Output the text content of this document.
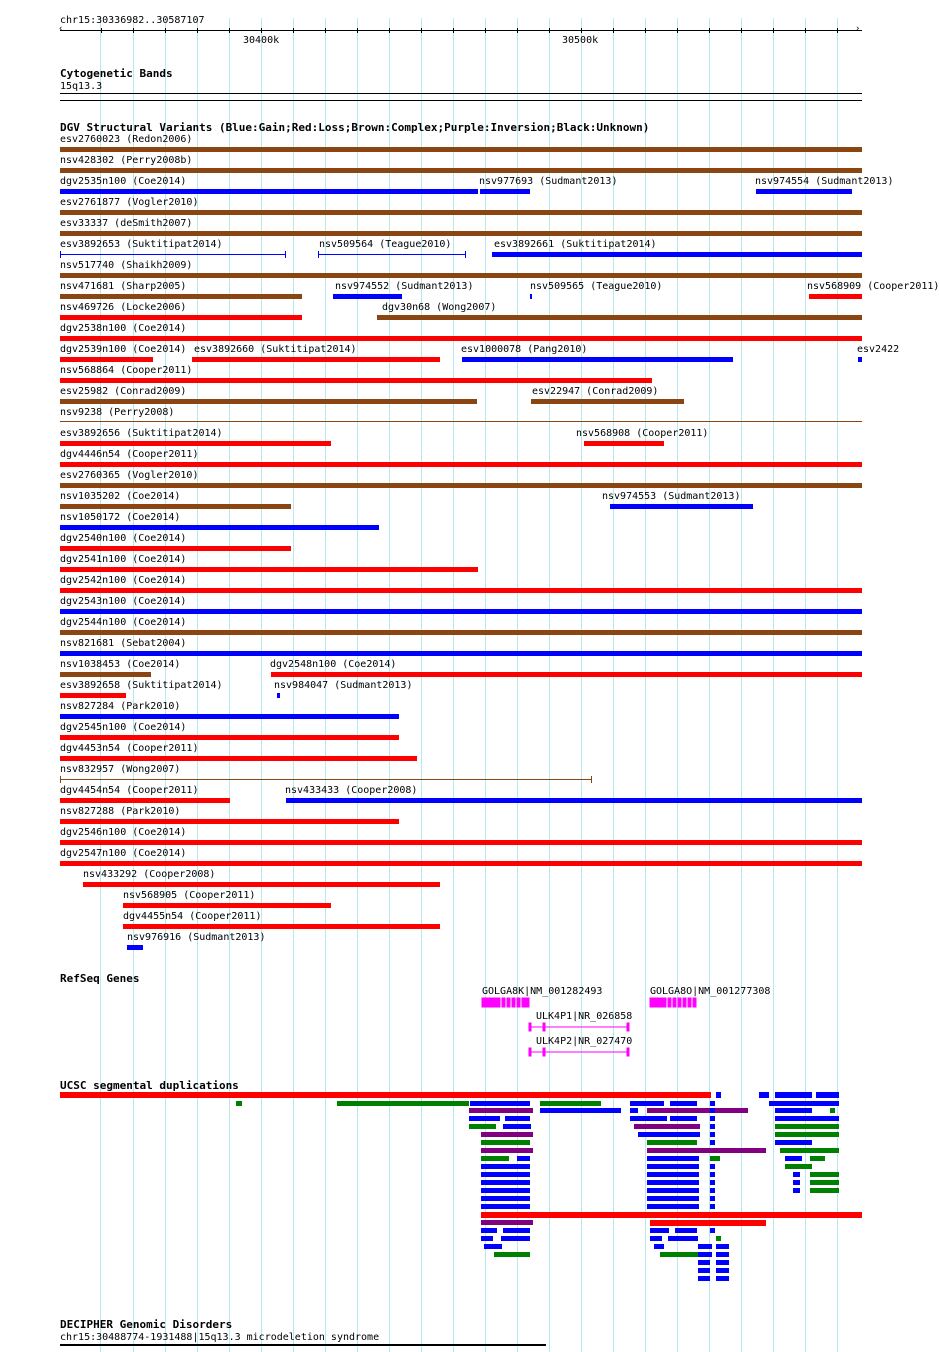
chr15:30336982..30587107
‹	›
30400k	30500k
Cytogenetic Bands
15q13.3
DGV Structural Variants (Blue:Gain;Red:Loss;Brown:Complex;Purple:Inversion;Black:Unknown)
esv2760023 (Redon2006)
nsv428302 (Perry2008b)
dgv2535n100 (Coe2014)	nsv977693 (Sudmant2013)	nsv974554 (Sudmant2013)
esv2761877 (Vogler2010)
esv33337 (deSmith2007)
esv3892653 (Suktitipat2014)	nsv509564 (Teague2010)	esv3892661 (Suktitipat2014)
nsv517740 (Shaikh2009)
nsv471681 (Sharp2005)	nsv974552 (Sudmant2013)	nsv509565 (Teague2010)	nsv568909 (Cooper2011)
nsv469726 (Locke2006)	dgv30n68 (Wong2007)
dgv2538n100 (Coe2014)
dgv2539n100 (Coe2014) esv3892660 (Suktitipat2014)	esv1000078 (Pang2010)	esv2422
nsv568864 (Cooper2011)
esv25982 (Conrad2009)	esv22947 (Conrad2009)
nsv9238 (Perry2008)
esv3892656 (Suktitipat2014)	nsv568908 (Cooper2011)
dgv4446n54 (Cooper2011)
esv2760365 (Vogler2010)
nsv1035202 (Coe2014)	nsv974553 (Sudmant2013)
nsv1050172 (Coe2014)
dgv2540n100 (Coe2014)
dgv2541n100 (Coe2014)
dgv2542n100 (Coe2014)
dgv2543n100 (Coe2014)
dgv2544n100 (Coe2014)
nsv821681 (Sebat2004)
nsv1038453 (Coe2014)	dgv2548n100 (Coe2014)
esv3892658 (Suktitipat2014)	nsv984047 (Sudmant2013)
nsv827284 (Park2010)
dgv2545n100 (Coe2014)
dgv4453n54 (Cooper2011)
nsv832957 (Wong2007)
dgv4454n54 (Cooper2011)	nsv433433 (Cooper2008)
nsv827288 (Park2010)
dgv2546n100 (Coe2014)
dgv2547n100 (Coe2014)
nsv433292 (Cooper2008)
nsv568905 (Cooper2011)
dgv4455n54 (Cooper2011)
nsv976916 (Sudmant2013)
RefSeq Genes
GOLGA8K|NM_001282493	GOLGA8O|NM_001277308
ULK4P1|NR_026858
ULK4P2|NR_027470
UCSC segmental duplications
DECIPHER Genomic Disorders
chr15:30488774-1931488|15q13.3 microdeletion syndrome
